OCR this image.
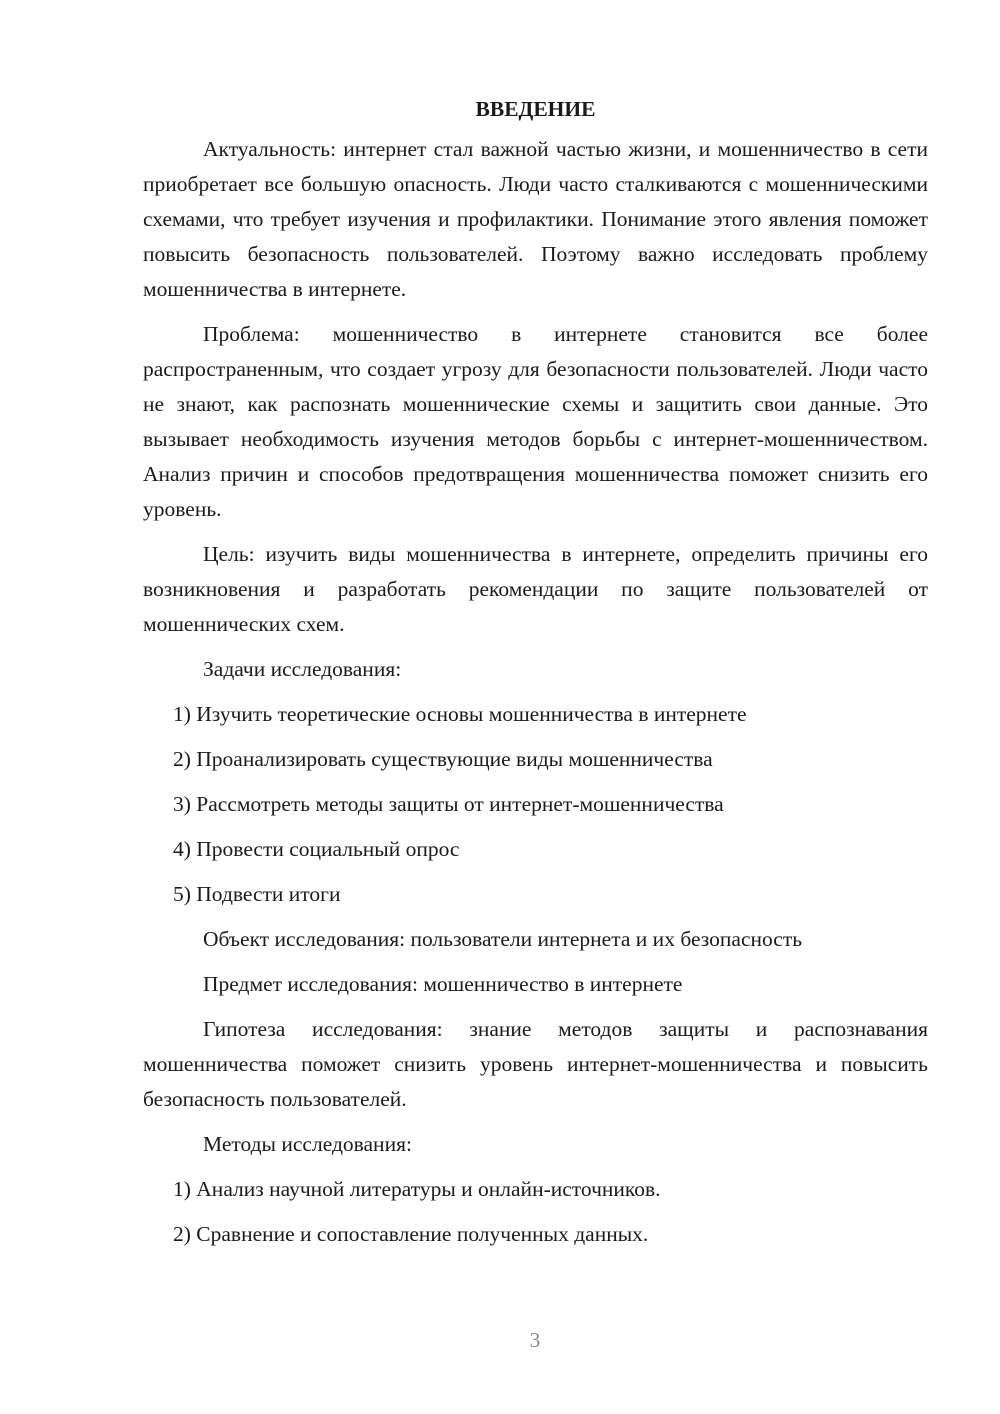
ВВЕДЕНИЕ
Актуальность: интернет стал важной частью жизни, и мошенничество в сети приобретает все большую опасность. Люди часто сталкиваются с мошенническими схемами, что требует изучения и профилактики. Понимание этого явления поможет повысить безопасность пользователей. Поэтому важно исследовать проблему мошенничества в интернете.
Проблема: мошенничество в интернете становится все более распространенным, что создает угрозу для безопасности пользователей. Люди часто не знают, как распознать мошеннические схемы и защитить свои данные. Это вызывает необходимость изучения методов борьбы с интернет-мошенничеством. Анализ причин и способов предотвращения мошенничества поможет снизить его уровень.
Цель: изучить виды мошенничества в интернете, определить причины его возникновения и разработать рекомендации по защите пользователей от мошеннических схем.
Задачи исследования:
1) Изучить теоретические основы мошенничества в интернете
2) Проанализировать существующие виды мошенничества
3) Рассмотреть методы защиты от интернет-мошенничества
4) Провести социальный опрос
5) Подвести итоги
Объект исследования: пользователи интернета и их безопасность
Предмет исследования: мошенничество в интернете
Гипотеза исследования: знание методов защиты и распознавания мошенничества поможет снизить уровень интернет-мошенничества и повысить безопасность пользователей.
Методы исследования:
1) Анализ научной литературы и онлайн-источников.
2) Сравнение и сопоставление полученных данных.
3
